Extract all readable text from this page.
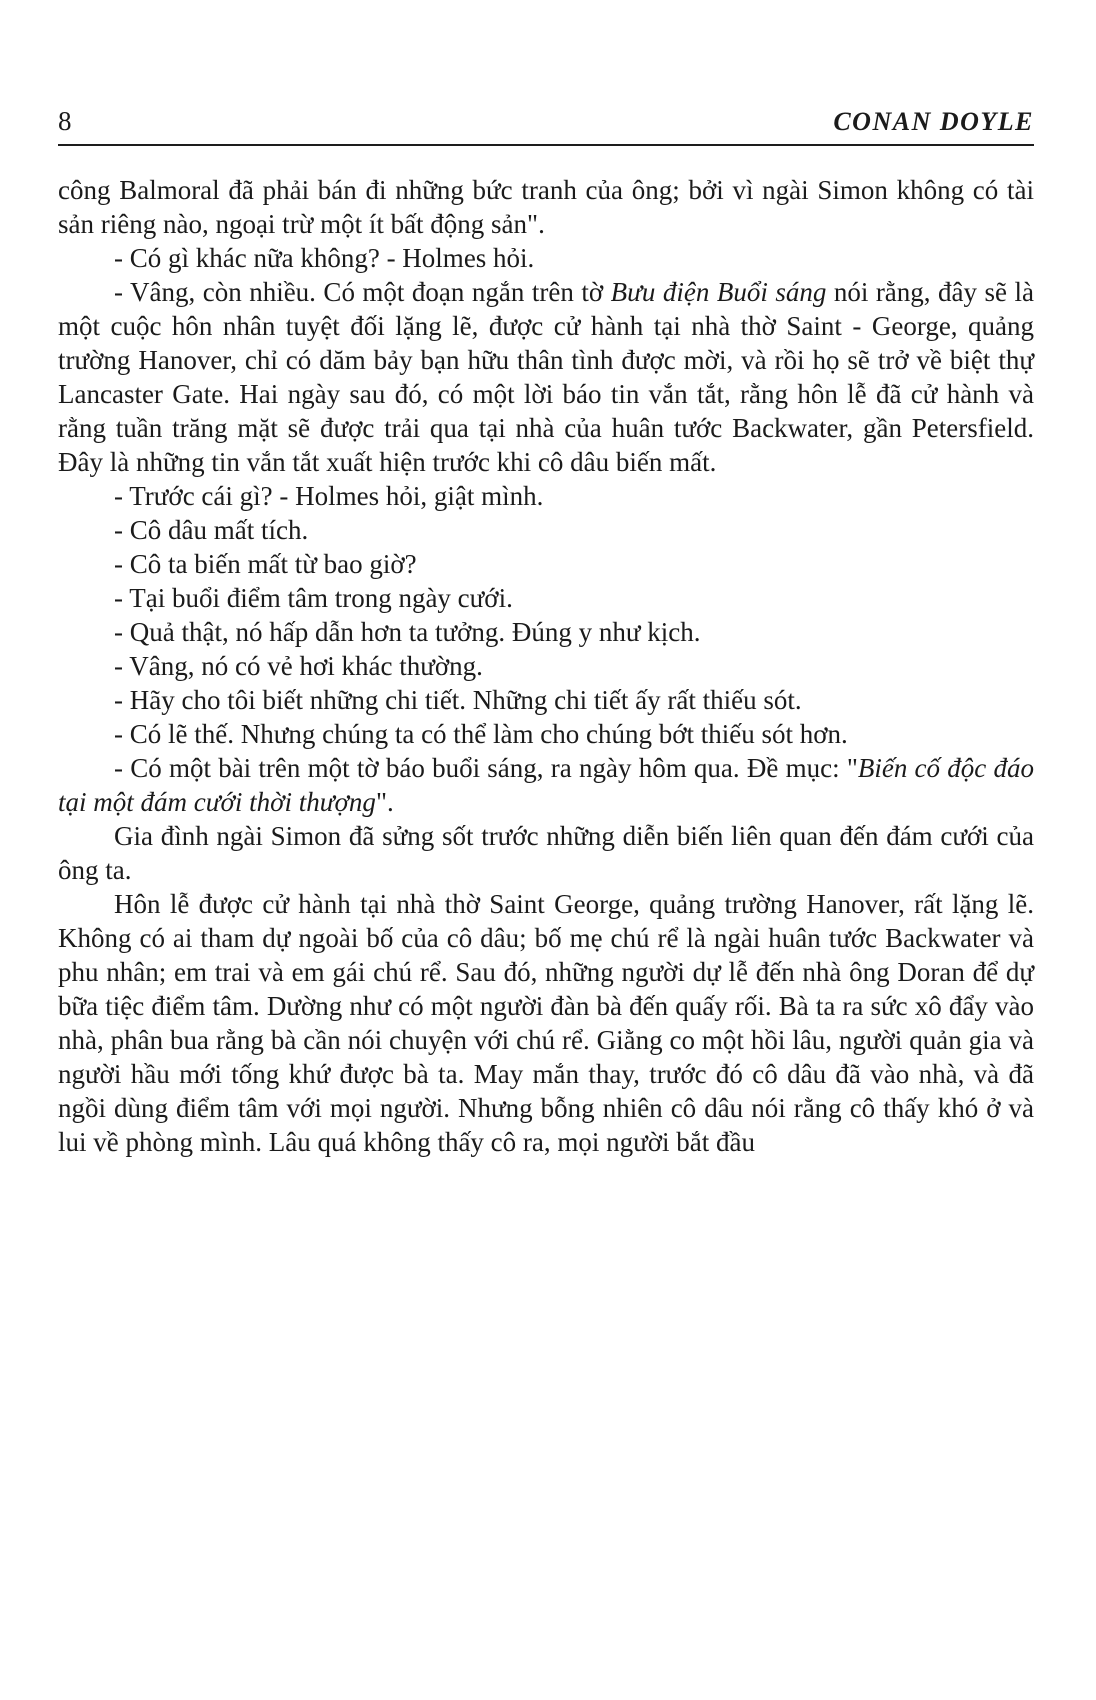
8	CONAN DOYLE

công Balmoral đã phải bán đi những bức tranh của ông; bởi vì ngài Simon không có tài sản riêng nào, ngoại trừ một ít bất động sản".

- Có gì khác nữa không? - Holmes hỏi.

- Vâng, còn nhiều. Có một đoạn ngắn trên tờ Bưu điện Buổi sáng nói rằng, đây sẽ là một cuộc hôn nhân tuyệt đối lặng lẽ, được cử hành tại nhà thờ Saint - George, quảng trường Hanover, chỉ có dăm bảy bạn hữu thân tình được mời, và rồi họ sẽ trở về biệt thự Lancaster Gate. Hai ngày sau đó, có một lời báo tin vắn tắt, rằng hôn lễ đã cử hành và rằng tuần trăng mặt sẽ được trải qua tại nhà của huân tước Backwater, gần Petersfield. Đây là những tin vắn tắt xuất hiện trước khi cô dâu biến mất.

- Trước cái gì? - Holmes hỏi, giật mình.

- Cô dâu mất tích.

- Cô ta biến mất từ bao giờ?

- Tại buổi điểm tâm trong ngày cưới.

- Quả thật, nó hấp dẫn hơn ta tưởng. Đúng y như kịch.

- Vâng, nó có vẻ hơi khác thường.

- Hãy cho tôi biết những chi tiết. Những chi tiết ấy rất thiếu sót.

- Có lẽ thế. Nhưng chúng ta có thể làm cho chúng bớt thiếu sót hơn.

- Có một bài trên một tờ báo buổi sáng, ra ngày hôm qua. Đề mục: "Biến cố độc đáo tại một đám cưới thời thượng".

Gia đình ngài Simon đã sửng sốt trước những diễn biến liên quan đến đám cưới của ông ta.

Hôn lễ được cử hành tại nhà thờ Saint George, quảng trường Hanover, rất lặng lẽ. Không có ai tham dự ngoài bố của cô dâu; bố mẹ chú rể là ngài huân tước Backwater và phu nhân; em trai và em gái chú rể. Sau đó, những người dự lễ đến nhà ông Doran để dự bữa tiệc điểm tâm. Dường như có một người đàn bà đến quấy rối. Bà ta ra sức xô đẩy vào nhà, phân bua rằng bà cần nói chuyện với chú rể. Giằng co một hồi lâu, người quản gia và người hầu mới tống khứ được bà ta. May mắn thay, trước đó cô dâu đã vào nhà, và đã ngồi dùng điểm tâm với mọi người. Nhưng bỗng nhiên cô dâu nói rằng cô thấy khó ở và lui về phòng mình. Lâu quá không thấy cô ra, mọi người bắt đầu
